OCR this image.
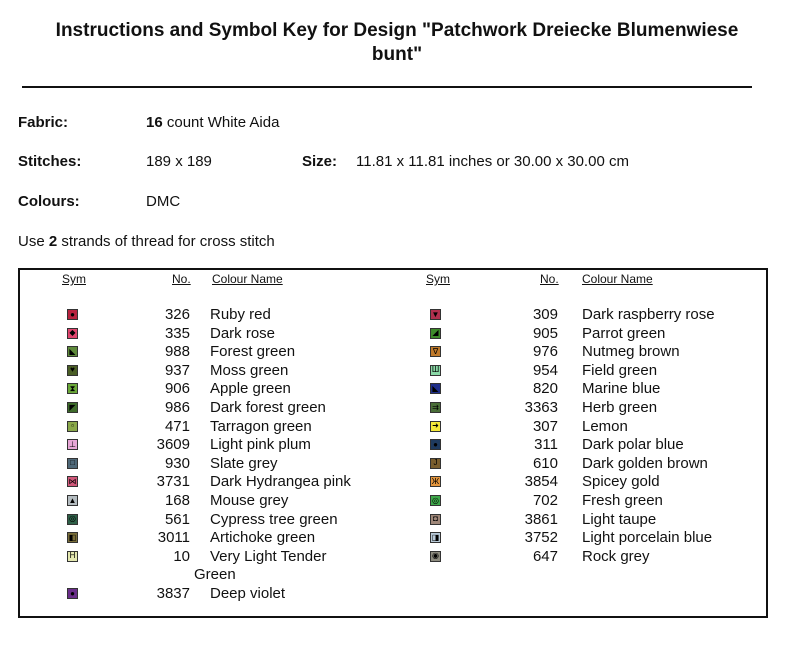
Instructions and Symbol Key for Design "Patchwork Dreiecke Blumenwiese
bunt"
Fabric:	16 count White Aida
Stitches:	189 x 189	Size: 11.81 x 11.81 inches or 30.00 x 30.00 cm
Colours:	DMC
Use 2 strands of thread for cross stitch
Sym	No. Colour Name	Sym	No. Colour Name
●	326 Ruby red
◆	335 Dark rose
◣	988 Forest green
♥	937 Moss green
⧗	906 Apple green
◤	986 Dark forest green
▫	471 Tarragon green
⊥	3609 Light pink plum
□	930 Slate grey
⋈	3731 Dark Hydrangea pink
▲	168 Mouse grey
◎	561 Cypress tree green
◧	3011 Artichoke green
H	10 Very Light Tender
Green
●	3837 Deep violet
▼	309 Dark raspberry rose
◢	905 Parrot green
∇	976 Nutmeg brown
Ш	954 Field green
◣	820 Marine blue
⇉	3363 Herb green
➜	307 Lemon
●	311 Dark polar blue
J	610 Dark golden brown
Ж	3854 Spicey gold
◎	702 Fresh green
◘	3861 Light taupe
◨	3752 Light porcelain blue
◉	647 Rock grey
